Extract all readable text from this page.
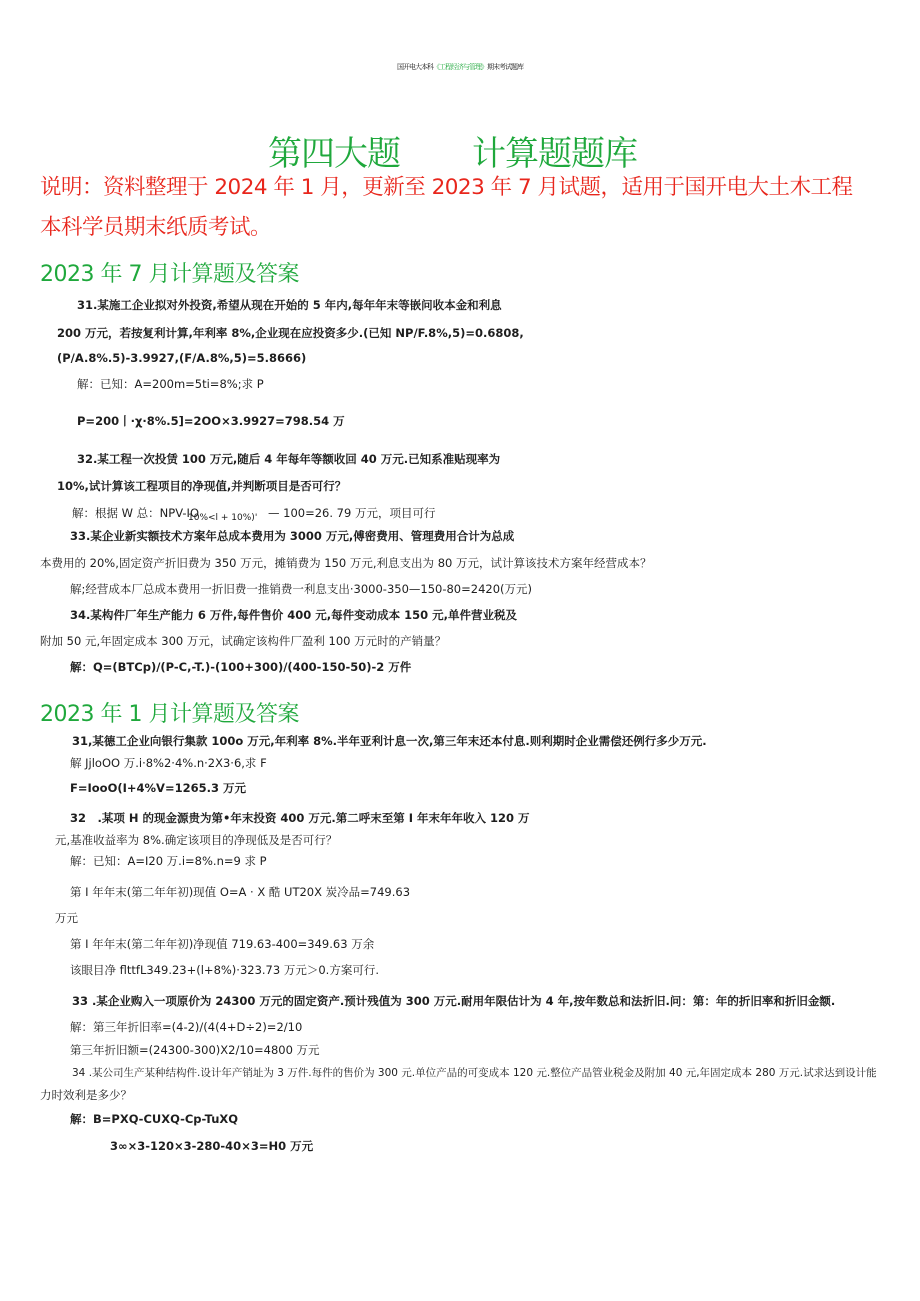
国开电大本科《工程经济与管理》期末考试题库
第四大题 计算题题库
说明：资料整理于 2024 年 1 月，更新至 2023 年 7 月试题，适用于国开电大土木工程
本科学员期末纸质考试。
2023 年 7 月计算题及答案
31.某施工企业拟对外投资,希望从现在开始的 5 年内,每年年末等嵌问收本金和利息
200 万元，若按复利计算,年利率 8%,企业现在应投资多少.(已知 NP/F.8%,5)=0.6808,
(P/A.8%.5)-3.9927,(F/A.8%,5)=5.8666)
解：已知：A=200m=5ti=8%;求 P
P=200丨·χ·8%.5]=2OO×3.9927=798.54 万
32.某工程一次投赁 100 万元,随后 4 年每年等额收回 40 万元.已知系准贴现率为
10%,试计算该工程项目的净现值,并判断项目是否可行？
解：根据 W 总：NPV-IO	— 100=26. 79 万元，项目可行
10%<l + 10%)'
33.某企业新实额技术方案年总成本费用为 3000 万元,傅密费用、管理费用合计为总成
本费用的 20%,固定资产折旧费为 350 万元，摊销费为 150 万元,利息支出为 80 万元，试计算该技术方案年经营成本？
解;经营成本厂总成本费用一折旧费一推销费一利息支出·3000-350—150-80=2420(万元)
34.某构件厂年生产能力 6 万件,每件售价 400 元,每件变动成本 150 元,单件营业税及
附加 50 元,年固定成本 300 万元，试确定该构件厂盈利 100 万元时的产销量？
解：Q=(BTCp)/(P-C,-T.)-(100+300)/(400-150-50)-2 万件
2023 年 1 月计算题及答案
31,某德工企业向银行集款 100o 万元,年利率 8%.半年亚利计息一次,第三年末还本付息.则利期时企业需偿还例行多少万元.
解 JjloOO 万.i·8%2·4%.n·2X3·6,求 F
F=IooO(I+4%V=1265.3 万元
32　.某项 H 的现金源贵为第•年末投资 400 万元.第二呼末至第 I 年末年年收入 120 万
元,基准收益率为 8%.确定该项目的净现低及是否可行？
解：已知：A=I20 万.i=8%.n=9 求 P
第 I 年年末(第二年年初)现值 O=A · X 酷 UT20X 炭冷品=749.63
万元
第 I 年年末(第二年年初)净现值 719.63-400=349.63 万余
该眼目净 flttfL349.23+(l+8%)·323.73 万元＞0.方案可行.
33 .某企业购入一项原价为 24300 万元的固定资产.预计残值为 300 万元.耐用年限估计为 4 年,按年数总和法折旧.问：第：年的折旧率和折旧金额.
解：第三年折旧率=(4-2)/(4(4+D÷2)=2/10
第三年折旧额=(24300-300)X2/10=4800 万元
34 .某公司生产某种结构件.设计年产销址为 3 万件.每件的售价为 300 元.单位产品的可变成本 120 元.整位产品管业税金及附加 40 元,年固定成本 280 万元.试求达到设计能
力时效利是多少？
解：B=PXQ-CUXQ-Cp-TuXQ
3∞×3-120×3-280-40×3=H0 万元
